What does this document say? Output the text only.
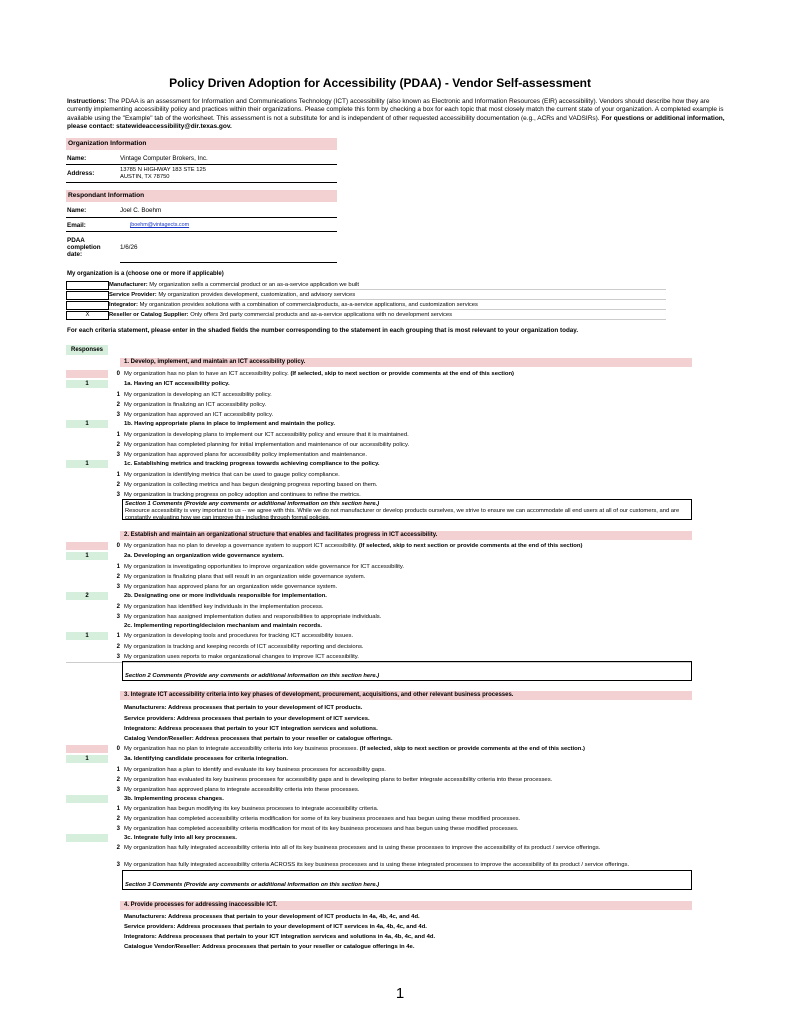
Policy Driven Adoption for Accessibility (PDAA) - Vendor Self-assessment
Instructions: The PDAA is an assessment for Information and Communications Technology (ICT) accessibility (also known as Electronic and Information Resources (EIR) accessibility). Vendors should describe how they are currently implementing accessibility policy and practices within their organizations. Please complete this form by checking a box for each topic that most closely match the current state of your organization. A completed example is available using the "Example" tab of the worksheet. This assessment is not a substitute for and is independent of other requested accessibility documentation (e.g., ACRs and VADSIRs). For questions or additional information, please contact: statewideaccessibility@dir.texas.gov.
Organization Information
Name:	Vintage Computer Brokers, Inc.
Address:	13785 N HIGHWAY 183 STE 125
AUSTIN, TX 78750
Respondant Information
Name:	Joel C. Boehm
Email:	jboehm@vintagects.com
PDAA
completion
date:
1/6/26
My organization is a (choose one or more if applicable)
Manufacturer: My organization sells a commercial product or an as-a-service application we built
Service Provider: My organization provides development, customization, and advisory services
Integrator: My organization provides solutions with a combination of commercialproducts, as-a-service applications, and customization services
X	Reseller or Catalog Supplier: Only offers 3rd party commercial products and as-a-service applications with no development services
For each criteria statement, please enter in the shaded fields the number corresponding to the statement in each grouping that is most relevant to your organization today.
Responses
1. Develop, implement, and maintain an ICT accessibility policy.
0 My organization has no plan to have an ICT accessibility policy. (If selected, skip to next section or provide comments at the end of this section)
1	1a. Having an ICT accessibility policy.
1 My organization is developing an ICT accessibility policy.
2 My organization is finalizing an ICT accessibility policy.
3 My organization has approved an ICT accessibility policy.
1	1b. Having appropriate plans in place to implement and maintain the policy.
1 My organization is developing plans to implement our ICT accessibility policy and ensure that it is maintained.
2 My organization has completed planning for initial implementation and maintenance of our accessibility policy.
3 My organization has approved plans for accessibility policy implementation and maintenance.
1	1c. Establishing metrics and tracking progress towards achieving compliance to the policy.
1 My organization is identifying metrics that can be used to gauge policy compliance.
2 My organization is collecting metrics and has begun designing progress reporting based on them.
3 My organization is tracking progress on policy adoption and continues to refine the metrics.
Section 1 Comments (Provide any comments or additional information on this section here.)
Resource accessibility is very important to us -- we agree with this. While we do not manufacturer or develop products ourselves, we strive to ensure we can accommodate all end users at all of our customers, and are constantly evaluating how we can improve this including through formal policies.
2. Establish and maintain an organizational structure that enables and facilitates progress in ICT accessibility.
0 My organization has no plan to develop a governance system to support ICT accessibility. (If selected, skip to next section or provide comments at the end of this section)
1	2a. Developing an organization wide governance system.
1 My organization is investigating opportunities to improve organization wide governance for ICT accessibility.
2 My organization is finalizing plans that will result in an organization wide governance system.
3 My organization has approved plans for an organization wide governance system.
2	2b. Designating one or more individuals responsible for implementation.
2 My organization has identified key individuals in the implementation process.
3 My organization has assigned implementation duties and responsibilities to appropriate individuals.
2c. Implementing reporting/decision mechanism and maintain records.
1	1 My organization is developing tools and procedures for tracking ICT accessibility issues.
2 My organization is tracking and keeping records of ICT accessibility reporting and decisions.
3 My organization uses reports to make organizational changes to improve ICT accessibility.
Section 2 Comments (Provide any comments or additional information on this section here.)
3. Integrate ICT accessibility criteria into key phases of development, procurement, acquisitions, and other relevant business processes.
Manufacturers: Address processes that pertain to your development of ICT products.
Service providers: Address processes that pertain to your development of ICT services.
Integrators: Address processes that pertain to your ICT integration services and solutions.
Catalog Vendor/Reseller: Address processes that pertain to your reseller or catalogue offerings.
0 My organization has no plan to integrate accessibility criteria into key business processes. (If selected, skip to next section or provide comments at the end of this section.)
1	3a. Identifying candidate processes for criteria integration.
1 My organization has a plan to identify and evaluate its key business processes for accessibility gaps.
2 My organization has evaluated its key business processes for accessibility gaps and is developing plans to better integrate accessibility criteria into these processes.
3 My organization has approved plans to integrate accessibility criteria into these processes.
3b. Implementing process changes.
1 My organization has begun modifying its key business processes to integrate accessibility criteria.
2 My organization has completed accessibility criteria modification for some of its key business processes and has begun using these modified processes.
3 My organization has completed accessibility criteria modification for most of its key business processes and has begun using these modified processes.
3c. Integrate fully into all key processes.
2 My organization has fully integrated accessibility criteria into all of its key business processes and is using these processes to improve the accessibility of its product / service offerings.
3 My organization has fully integrated accessibility criteria ACROSS its key business processes and is using these integrated processes to improve the accessibility of its product / service offerings.
Section 3 Comments (Provide any comments or additional information on this section here.)
4. Provide processes for addressing inaccessible ICT.
Manufacturers: Address processes that pertain to your development of ICT products in 4a, 4b, 4c, and 4d.
Service providers: Address processes that pertain to your development of ICT services in 4a, 4b, 4c, and 4d.
Integrators: Address processes that pertain to your ICT integration services and solutions in 4a, 4b, 4c, and 4d.
Catalogue Vendor/Reseller: Address processes that pertain to your reseller or catalogue offerings in 4e.
1
